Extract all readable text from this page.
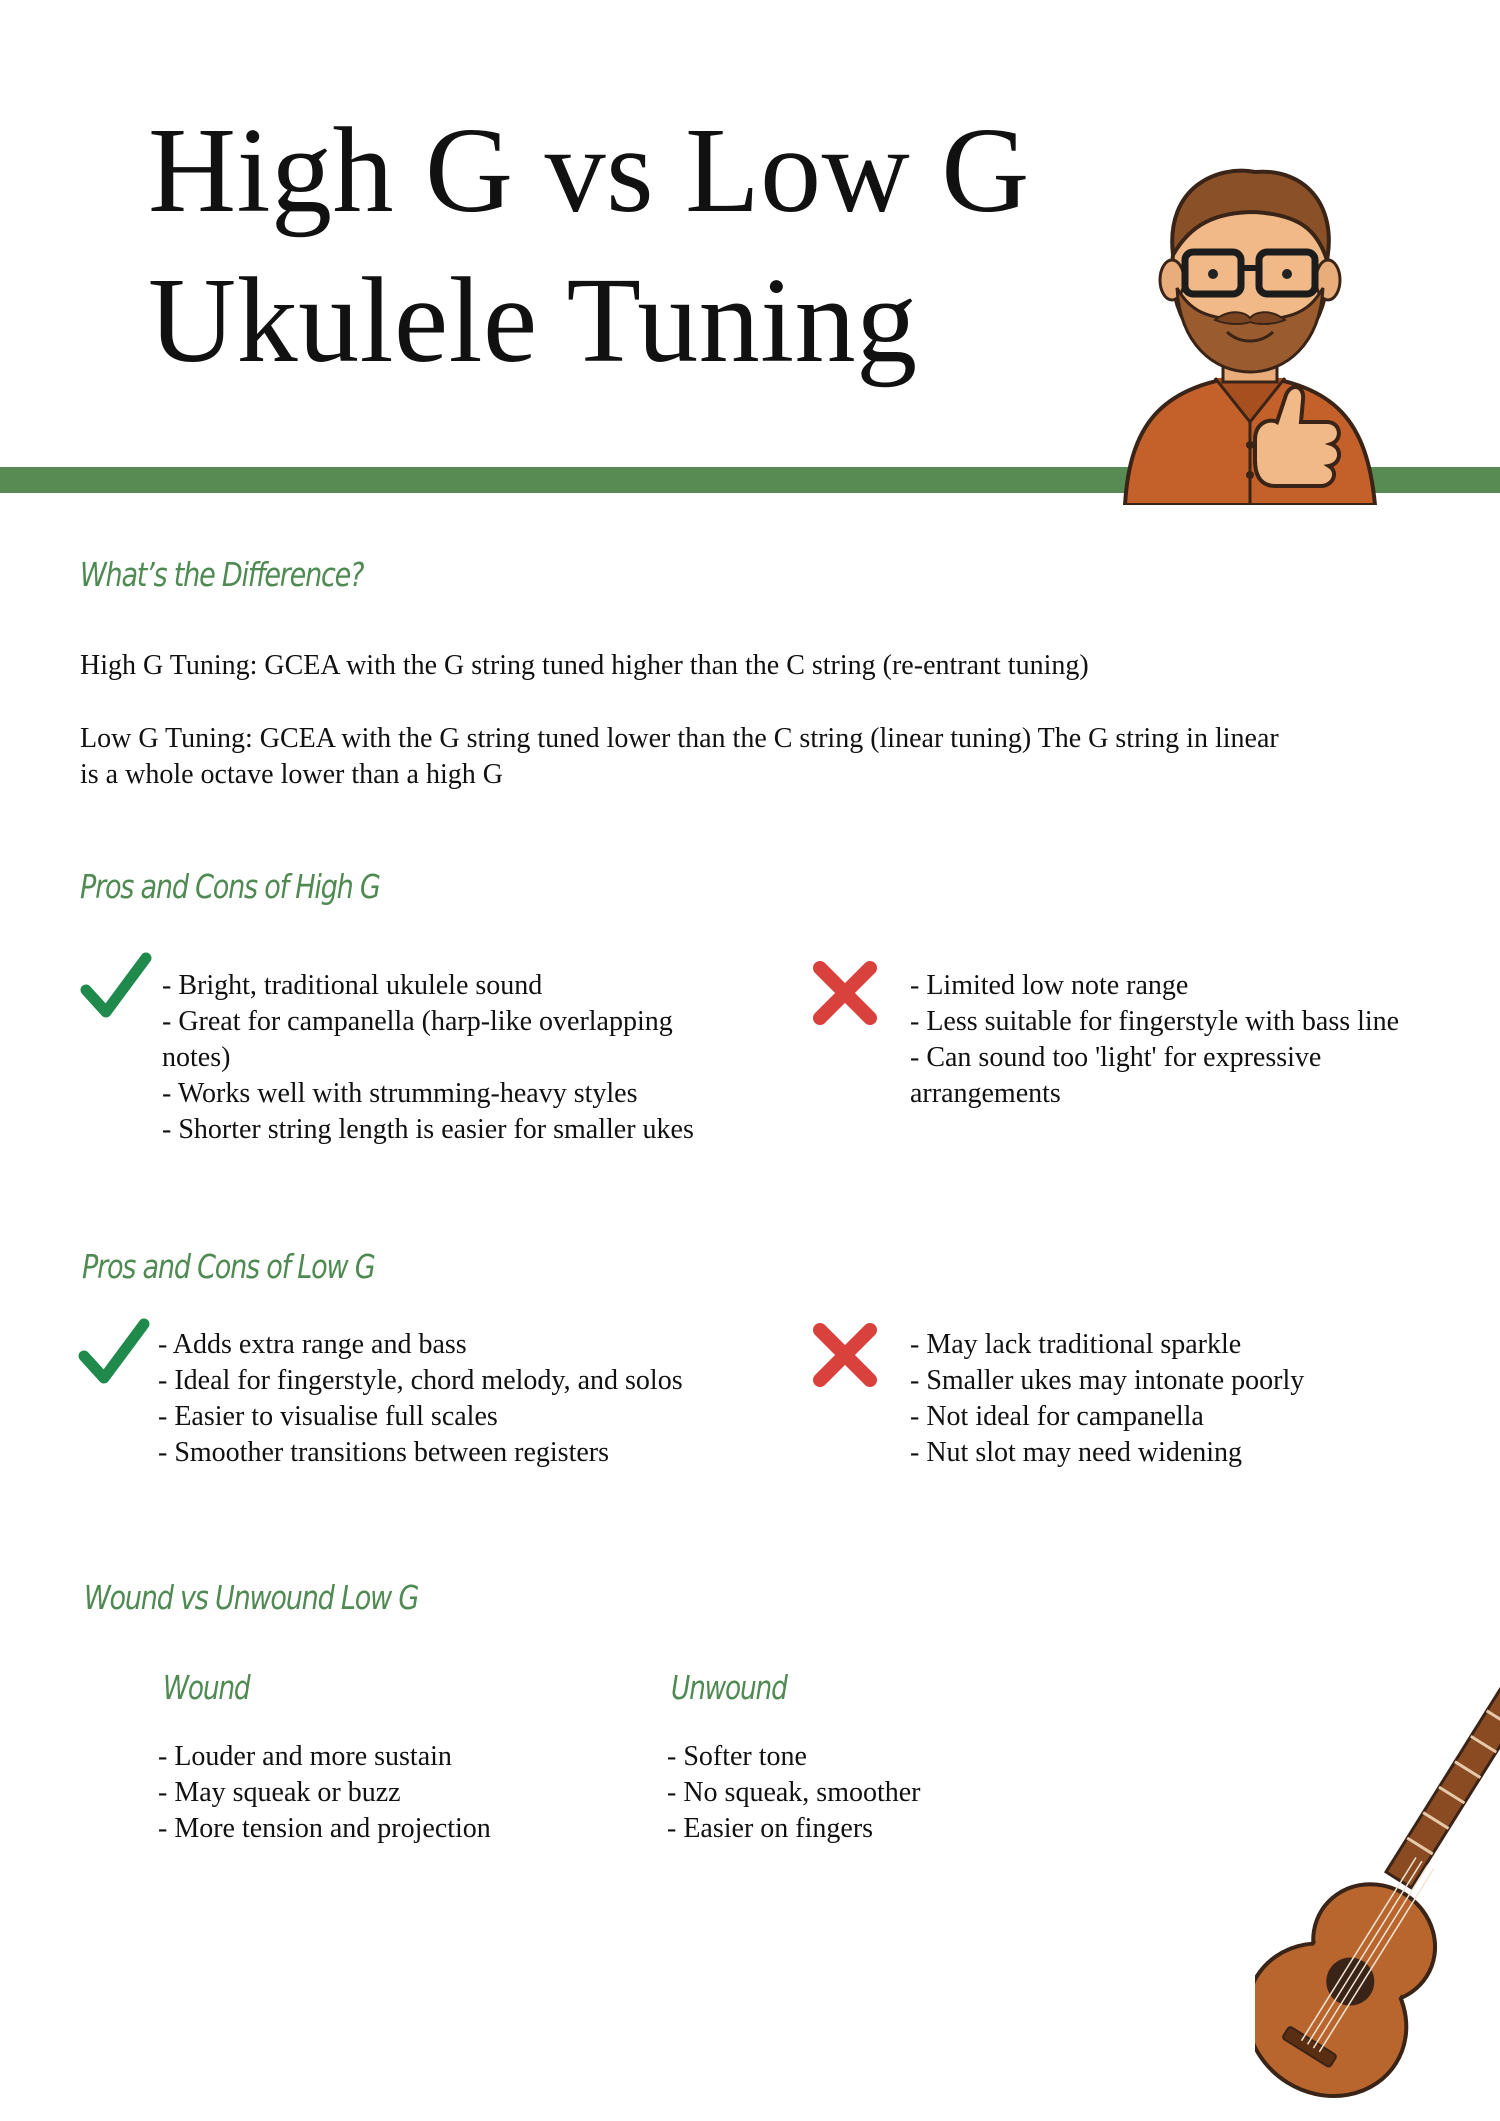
High G vs Low G
Ukulele Tuning
What’s the Difference?
High G Tuning: GCEA with the G string tuned higher than the C string (re-entrant tuning)
Low G Tuning: GCEA with the G string tuned lower than the C string (linear tuning) The G string in linear
is a whole octave lower than a high G
Pros and Cons of High G
- Bright, traditional ukulele sound
- Great for campanella (harp-like overlapping
notes)
- Works well with strumming-heavy styles
- Shorter string length is easier for smaller ukes
- Limited low note range
- Less suitable for fingerstyle with bass line
- Can sound too 'light' for expressive
arrangements
Pros and Cons of Low G
- Adds extra range and bass
- Ideal for fingerstyle, chord melody, and solos
- Easier to visualise full scales
- Smoother transitions between registers
- May lack traditional sparkle
- Smaller ukes may intonate poorly
- Not ideal for campanella
- Nut slot may need widening
Wound vs Unwound Low G
Wound
- Louder and more sustain
- May squeak or buzz
- More tension and projection
Unwound
- Softer tone
- No squeak, smoother
- Easier on fingers
